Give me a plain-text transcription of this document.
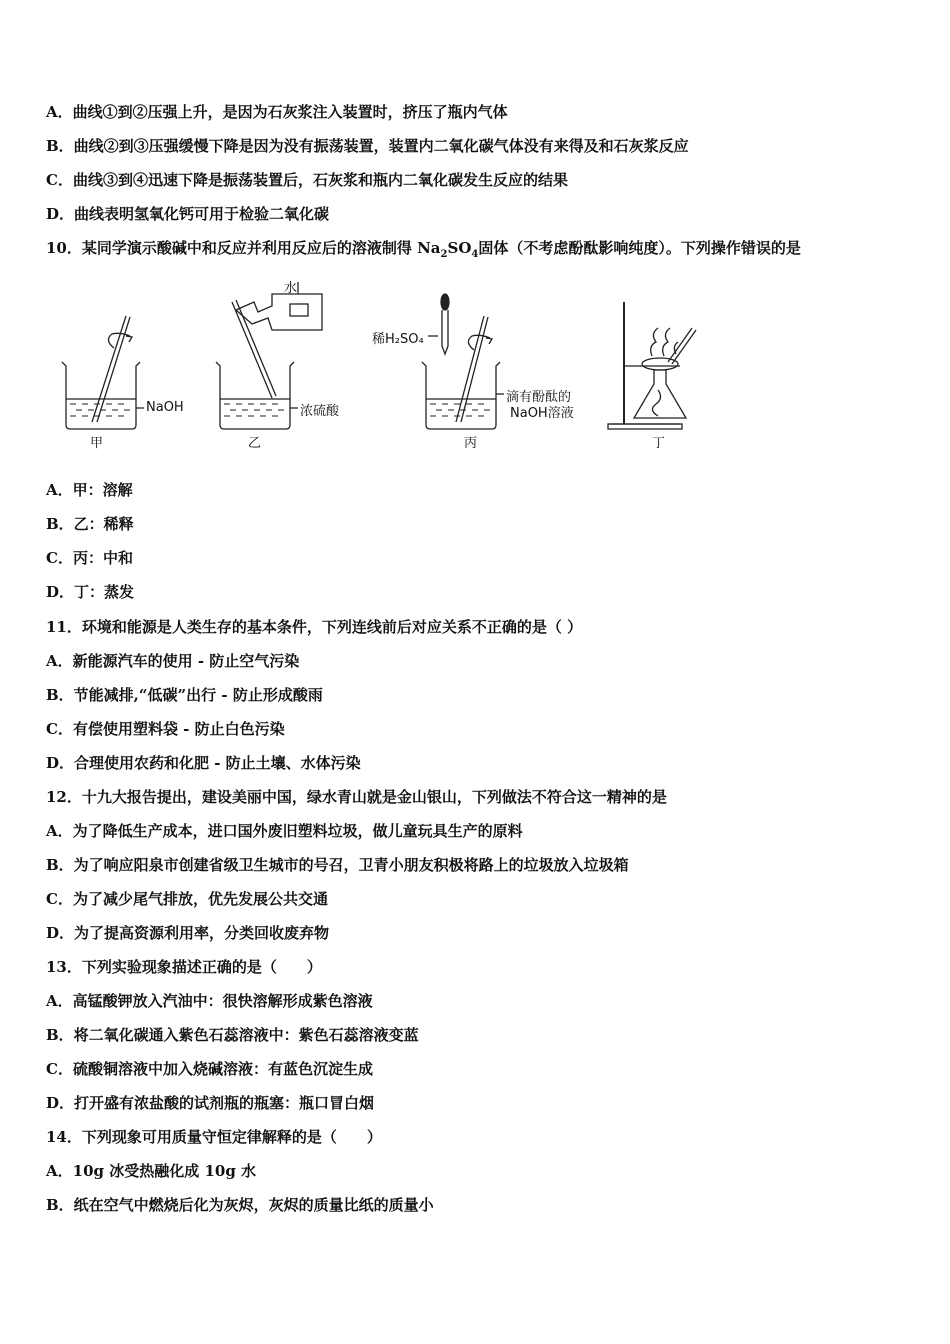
A．曲线①到②压强上升，是因为石灰浆注入装置时，挤压了瓶内气体
B．曲线②到③压强缓慢下降是因为没有振荡装置，装置内二氧化碳气体没有来得及和石灰浆反应
C．曲线③到④迅速下降是振荡装置后，石灰浆和瓶内二氧化碳发生反应的结果
D．曲线表明氢氧化钙可用于检验二氧化碳
10．某同学演示酸碱中和反应并利用反应后的溶液制得 $Na_2SO_4$固体（不考虑酚酞影响纯度）。下列操作错误的是
NaOH
甲
水
浓硫酸
乙
稀H₂SO₄
滴有酚酞的
NaOH溶液
丙	丁
A．甲：溶解
B．乙：稀释
C．丙：中和
D．丁：蒸发
11．环境和能源是人类生存的基本条件，下列连线前后对应关系不正确的是（ ）
A．新能源汽车的使用 - 防止空气污染
B．节能减排,“低碳”出行 - 防止形成酸雨
C．有偿使用塑料袋 - 防止白色污染
D．合理使用农药和化肥 - 防止土壤、水体污染
12．十九大报告提出，建设美丽中国，绿水青山就是金山银山，下列做法不符合这一精神的是
A．为了降低生产成本，进口国外废旧塑料垃圾，做儿童玩具生产的原料
B．为了响应阳泉市创建省级卫生城市的号召，卫青小朋友积极将路上的垃圾放入垃圾箱
C．为了减少尾气排放，优先发展公共交通
D．为了提高资源利用率，分类回收废弃物
13．下列实验现象描述正确的是（　　）
A．高锰酸钾放入汽油中：很快溶解形成紫色溶液
B．将二氧化碳通入紫色石蕊溶液中：紫色石蕊溶液变蓝
C．硫酸铜溶液中加入烧碱溶液：有蓝色沉淀生成
D．打开盛有浓盐酸的试剂瓶的瓶塞：瓶口冒白烟
14．下列现象可用质量守恒定律解释的是（　　）
A．10g 冰受热融化成 10g 水
B．纸在空气中燃烧后化为灰烬，灰烬的质量比纸的质量小
